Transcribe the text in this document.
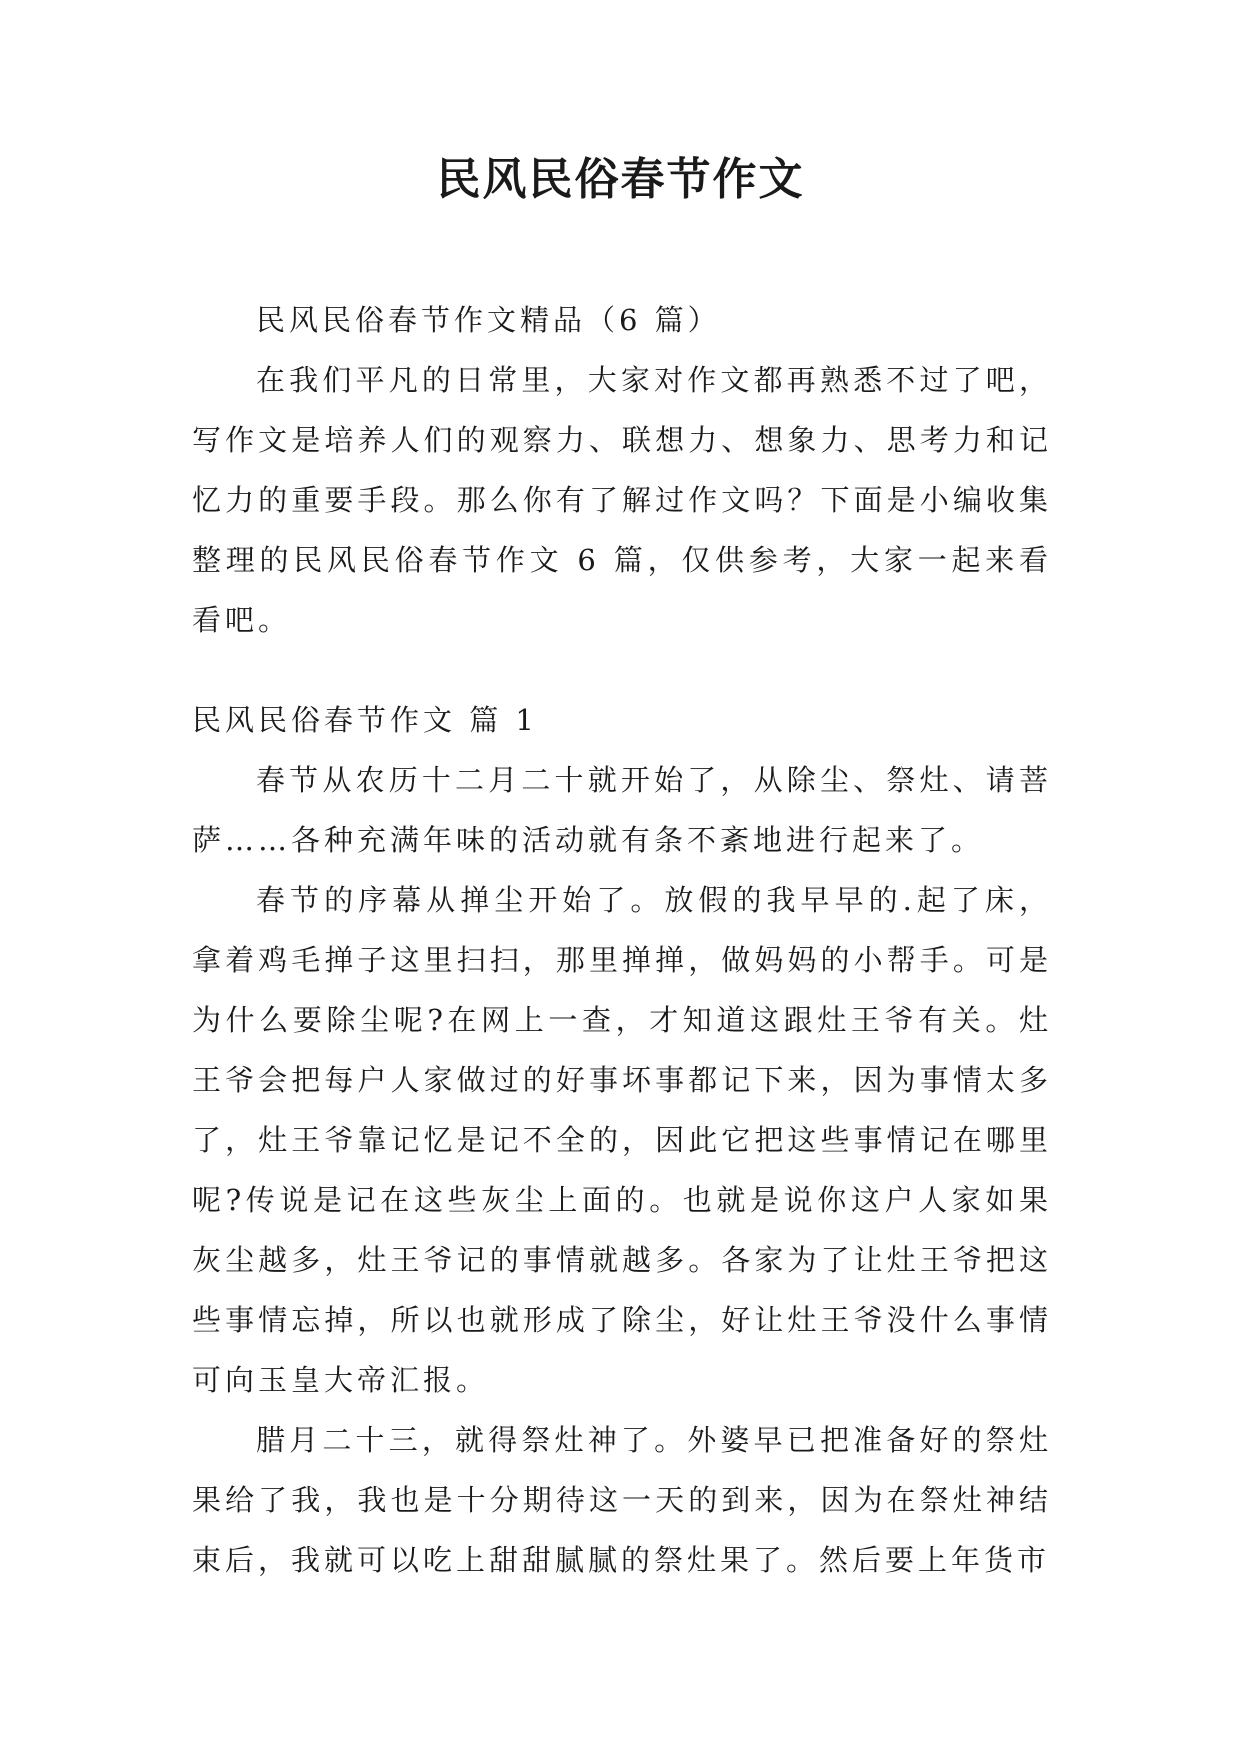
民风民俗春节作文

民风民俗春节作文精品（6 篇）

在我们平凡的日常里，大家对作文都再熟悉不过了吧，写作文是培养人们的观察力、联想力、想象力、思考力和记忆力的重要手段。那么你有了解过作文吗？下面是小编收集整理的民风民俗春节作文 6 篇，仅供参考，大家一起来看看吧。

民风民俗春节作文 篇 1

春节从农历十二月二十就开始了，从除尘、祭灶、请菩萨……各种充满年味的活动就有条不紊地进行起来了。

春节的序幕从掸尘开始了。放假的我早早的.起了床，拿着鸡毛掸子这里扫扫，那里掸掸，做妈妈的小帮手。可是为什么要除尘呢?在网上一查，才知道这跟灶王爷有关。灶王爷会把每户人家做过的好事坏事都记下来，因为事情太多了，灶王爷靠记忆是记不全的，因此它把这些事情记在哪里呢?传说是记在这些灰尘上面的。也就是说你这户人家如果灰尘越多，灶王爷记的事情就越多。各家为了让灶王爷把这些事情忘掉，所以也就形成了除尘，好让灶王爷没什么事情可向玉皇大帝汇报。

腊月二十三，就得祭灶神了。外婆早已把准备好的祭灶果给了我，我也是十分期待这一天的到来，因为在祭灶神结束后，我就可以吃上甜甜腻腻的祭灶果了。然后要上年货市
